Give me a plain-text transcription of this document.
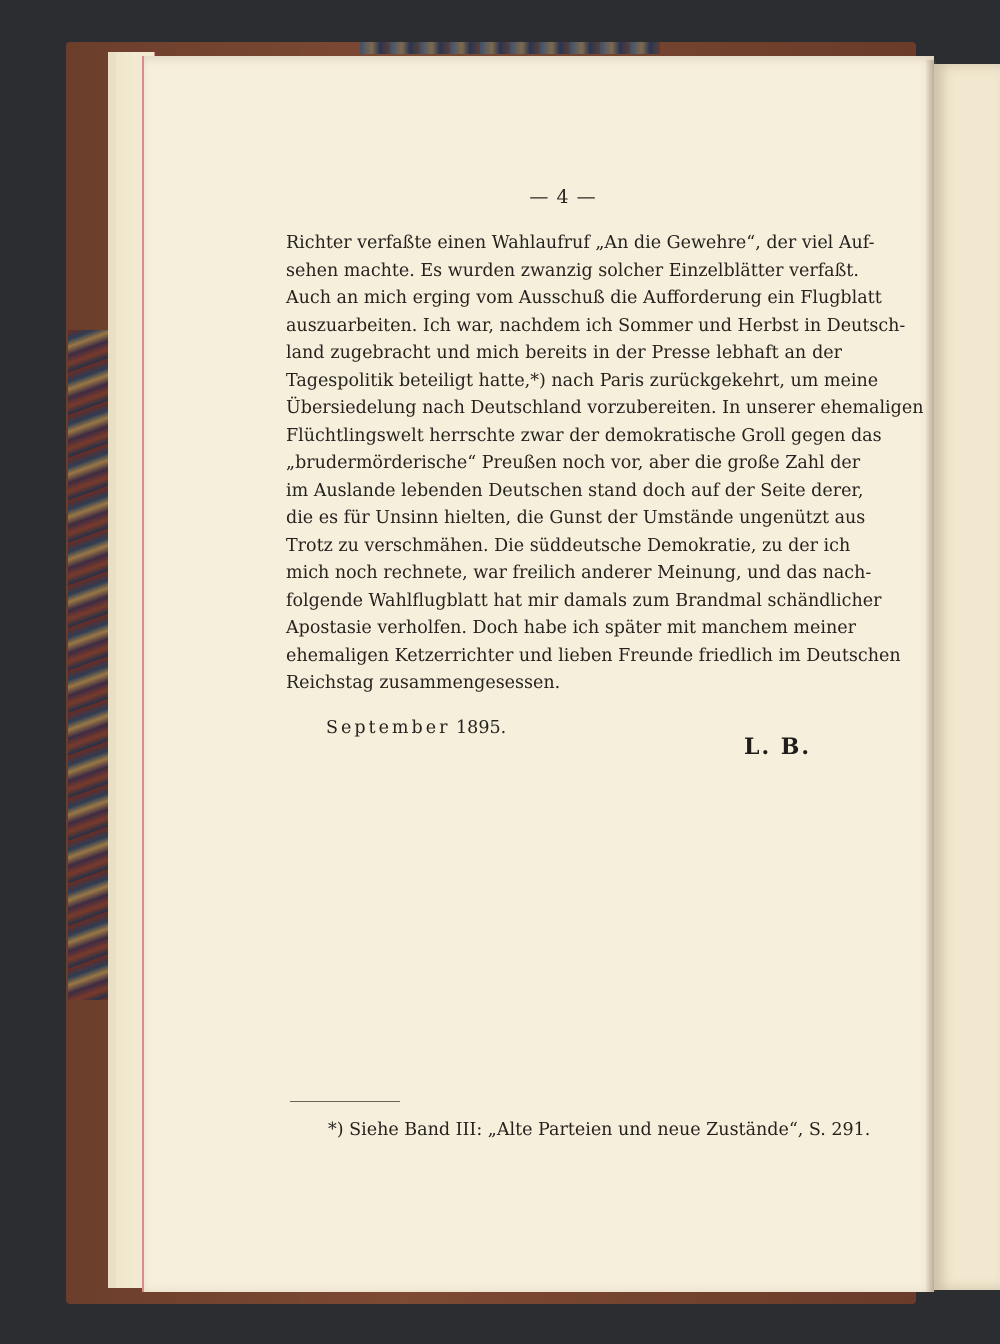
— 4 —
Richter verfaßte einen Wahlaufruf „An die Gewehre“, der viel Auf-
sehen machte. Es wurden zwanzig solcher Einzelblätter verfaßt.
Auch an mich erging vom Ausschuß die Aufforderung ein Flugblatt
auszuarbeiten. Ich war, nachdem ich Sommer und Herbst in Deutsch-
land zugebracht und mich bereits in der Presse lebhaft an der
Tagespolitik beteiligt hatte,*) nach Paris zurückgekehrt, um meine
Übersiedelung nach Deutschland vorzubereiten. In unserer ehemaligen
Flüchtlingswelt herrschte zwar der demokratische Groll gegen das
„brudermörderische“ Preußen noch vor, aber die große Zahl der
im Auslande lebenden Deutschen stand doch auf der Seite derer,
die es für Unsinn hielten, die Gunst der Umstände ungenützt aus
Trotz zu verschmähen. Die süddeutsche Demokratie, zu der ich
mich noch rechnete, war freilich anderer Meinung, und das nach-
folgende Wahlflugblatt hat mir damals zum Brandmal schändlicher
Apostasie verholfen. Doch habe ich später mit manchem meiner
ehemaligen Ketzerrichter und lieben Freunde friedlich im Deutschen
Reichstag zusammengesessen.
September 1895.
L. B.
*) Siehe Band III: „Alte Parteien und neue Zustände“, S. 291.
